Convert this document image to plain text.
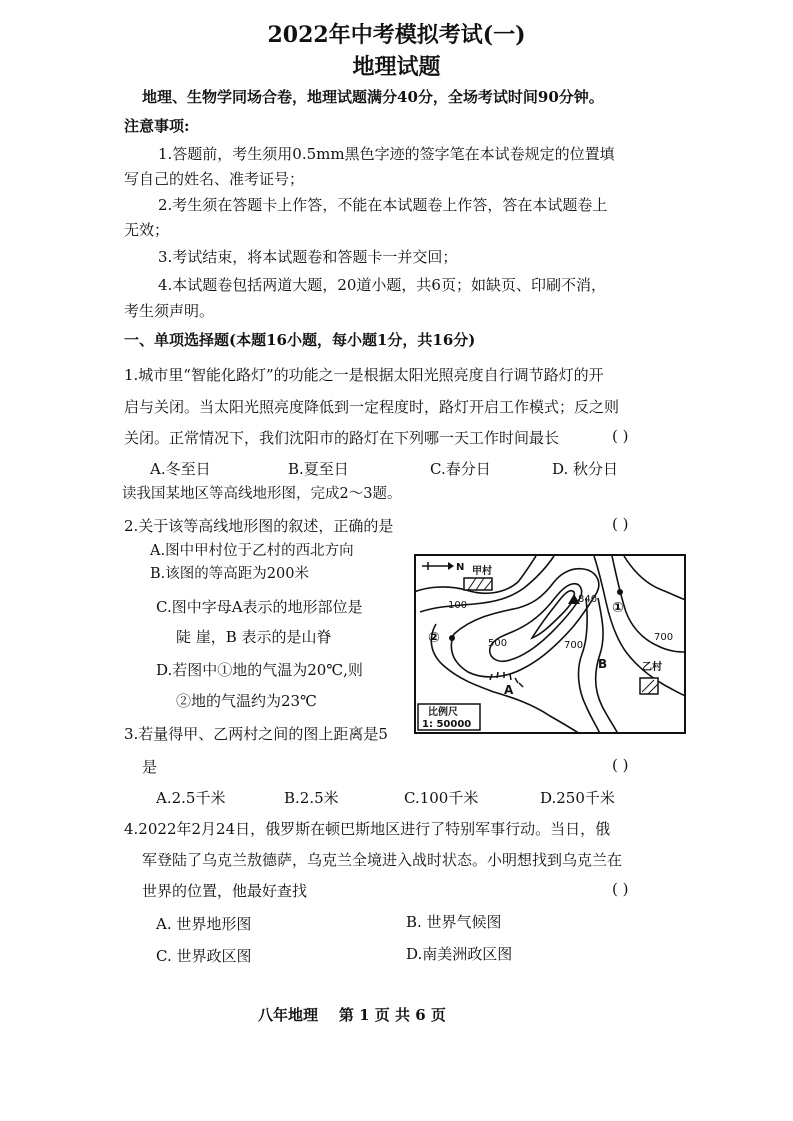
2022年中考模拟考试(一)
地理试题
地理、生物学同场合卷，地理试题满分40分，全场考试时间90分钟。
注意事项:
1.答题前，考生须用0.5mm黑色字迹的签字笔在本试卷规定的位置填
写自己的姓名、准考证号；
2.考生须在答题卡上作答，不能在本试题卷上作答，答在本试题卷上
无效；
3.考试结束，将本试题卷和答题卡一并交回；
4.本试题卷包括两道大题，20道小题，共6页；如缺页、印刷不消，
考生须声明。
一、单项选择题(本题16小题，每小题1分，共16分)
1.城市里“智能化路灯”的功能之一是根据太阳光照亮度自行调节路灯的开
启与关闭。当太阳光照亮度降低到一定程度时，路灯开启工作模式；反之则
关闭。正常情况下，我们沈阳市的路灯在下列哪一天工作时间最长	( )
A.冬至日	B.夏至日	C.春分日	D. 秋分日
读我国某地区等高线地形图，完成2～3题。
2.关于该等高线地形图的叙述，正确的是	( )
A.图中甲村位于乙村的西北方向
B.该图的等高距为200米
C.图中字母A表示的地形部位是
陡 崖，B 表示的是山脊
D.若图中①地的气温为20℃,则
②地的气温约为23℃
N 甲村
乙村
100
500	700
700
840
①
②
A
B
比例尺
1: 50000
3.若量得甲、乙两村之间的图上距离是5
是	( )
A.2.5千米	B.2.5米	C.100千米	D.250千米
4.2022年2月24日，俄罗斯在顿巴斯地区进行了特别军事行动。当日，俄
军登陆了乌克兰敖德萨，乌克兰全境进入战时状态。小明想找到乌克兰在
世界的位置，他最好查找	( )
A. 世界地形图	B. 世界气候图
C. 世界政区图	D.南美洲政区图
八年地理    第 1 页 共 6 页
